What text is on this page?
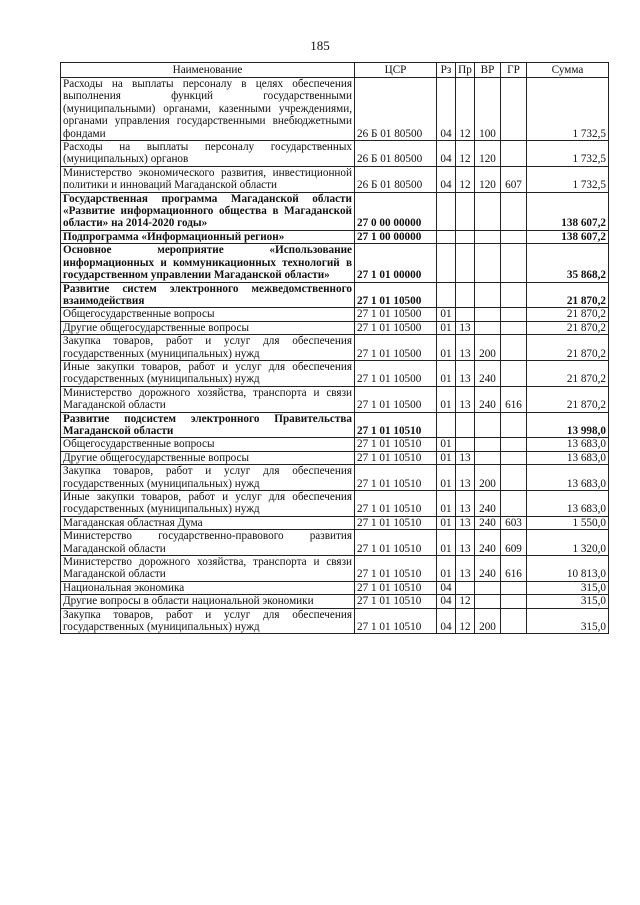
185
Наименование	ЦСР	Рз	Пр	ВР	ГР	Сумма
Расходы на выплаты персоналу в целях обеспечения выполнения функций государственными (муниципальными) органами, казенными учреждениями, органами управления государственными внебюджетными фондами	26 Б 01 80500	04	12	100		1 732,5
Расходы на выплаты персоналу государственных (муниципальных) органов	26 Б 01 80500	04	12	120		1 732,5
Министерство экономического развития, инвестиционной политики и инноваций Магаданской области	26 Б 01 80500	04	12	120	607	1 732,5
Государственная программа Магаданской области «Развитие информационного общества в Магаданской области» на 2014-2020 годы»	27 0 00 00000					138 607,2
Подпрограмма «Информационный регион»	27 1 00 00000					138 607,2
Основное мероприятие «Использование информационных и коммуникационных технологий в государственном управлении Магаданской области»	27 1 01 00000					35 868,2
Развитие систем электронного межведомственного взаимодействия	27 1 01 10500					21 870,2
Общегосударственные вопросы	27 1 01 10500	01				21 870,2
Другие общегосударственные вопросы	27 1 01 10500	01	13			21 870,2
Закупка товаров, работ и услуг для обеспечения государственных (муниципальных) нужд	27 1 01 10500	01	13	200		21 870,2
Иные закупки товаров, работ и услуг для обеспечения государственных (муниципальных) нужд	27 1 01 10500	01	13	240		21 870,2
Министерство дорожного хозяйства, транспорта и связи Магаданской области	27 1 01 10500	01	13	240	616	21 870,2
Развитие подсистем электронного Правительства Магаданской области	27 1 01 10510					13 998,0
Общегосударственные вопросы	27 1 01 10510	01				13 683,0
Другие общегосударственные вопросы	27 1 01 10510	01	13			13 683,0
Закупка товаров, работ и услуг для обеспечения государственных (муниципальных) нужд	27 1 01 10510	01	13	200		13 683,0
Иные закупки товаров, работ и услуг для обеспечения государственных (муниципальных) нужд	27 1 01 10510	01	13	240		13 683,0
Магаданская областная Дума	27 1 01 10510	01	13	240	603	1 550,0
Министерство государственно-правового развития Магаданской области	27 1 01 10510	01	13	240	609	1 320,0
Министерство дорожного хозяйства, транспорта и связи Магаданской области	27 1 01 10510	01	13	240	616	10 813,0
Национальная экономика	27 1 01 10510	04				315,0
Другие вопросы в области национальной экономики	27 1 01 10510	04	12			315,0
Закупка товаров, работ и услуг для обеспечения государственных (муниципальных) нужд	27 1 01 10510	04	12	200		315,0
